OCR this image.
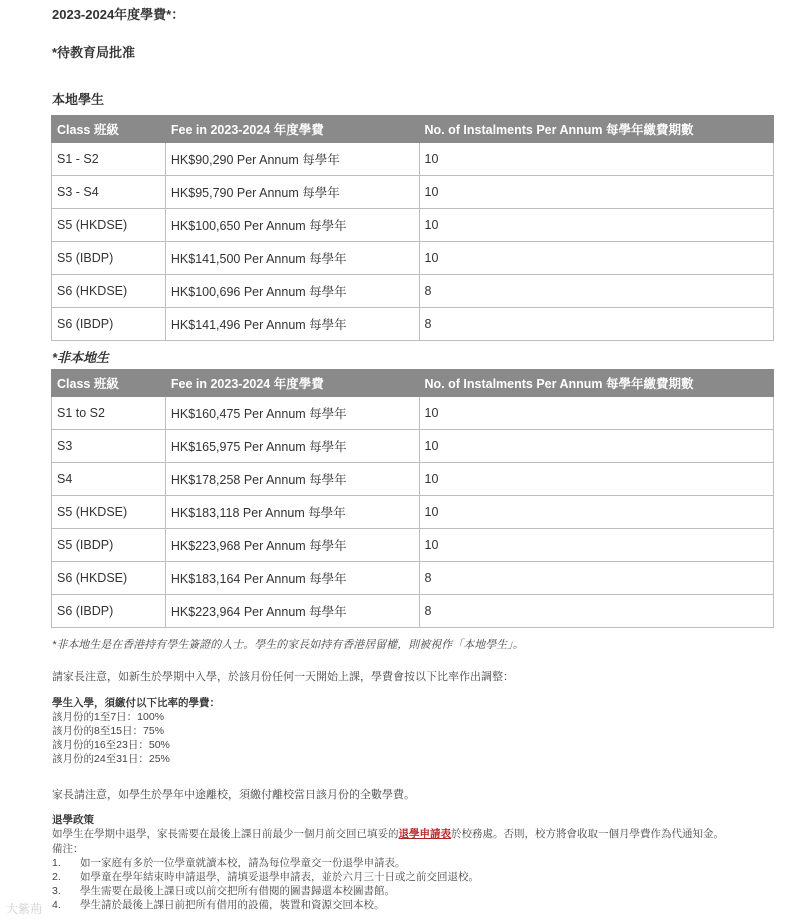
2023-2024年度學費*：

*待教育局批准

本地學生

Class 班級	Fee in 2023-2024 年度學費	No. of Instalments Per Annum 每學年繳費期數
S1 - S2	HK$90,290 Per Annum 每學年	10
S3 - S4	HK$95,790 Per Annum 每學年	10
S5 (HKDSE)	HK$100,650 Per Annum 每學年	10
S5 (IBDP)	HK$141,500 Per Annum 每學年	10
S6 (HKDSE)	HK$100,696 Per Annum 每學年	8
S6 (IBDP)	HK$141,496 Per Annum 每學年	8

*非本地生

Class 班級	Fee in 2023-2024 年度學費	No. of Instalments Per Annum 每學年繳費期數
S1 to S2	HK$160,475 Per Annum 每學年	10
S3	HK$165,975 Per Annum 每學年	10
S4	HK$178,258 Per Annum 每學年	10
S5 (HKDSE)	HK$183,118 Per Annum 每學年	10
S5 (IBDP)	HK$223,968 Per Annum 每學年	10
S6 (HKDSE)	HK$183,164 Per Annum 每學年	8
S6 (IBDP)	HK$223,964 Per Annum 每學年	8

*非本地生是在香港持有學生簽證的人士。學生的家長如持有香港居留權，則被視作「本地學生」。

請家長注意，如新生於學期中入學，於該月份任何一天開始上課，學費會按以下比率作出調整：

學生入學，須繳付以下比率的學費：

該月份的1至7日：100%

該月份的8至15日：75%

該月份的16至23日：50%

該月份的24至31日：25%

家長請注意，如學生於學年中途離校，須繳付離校當日該月份的全數學費。

退學政策

如學生在學期中退學，家長需要在最後上課日前最少一個月前交回已填妥的退學申請表於校務處。否則，校方將會收取一個月學費作為代通知金。

備注：

1. 如一家庭有多於一位學童就讀本校，請為每位學童交一份退學申請表。

2. 如學童在學年結束時申請退學，請填妥退學申請表，並於六月三十日或之前交回退校。

3. 學生需要在最後上課日或以前交把所有借閱的圖書歸還本校圖書館。

4. 學生請於最後上課日前把所有借用的設備，裝置和資源交回本校。

大紫荊
